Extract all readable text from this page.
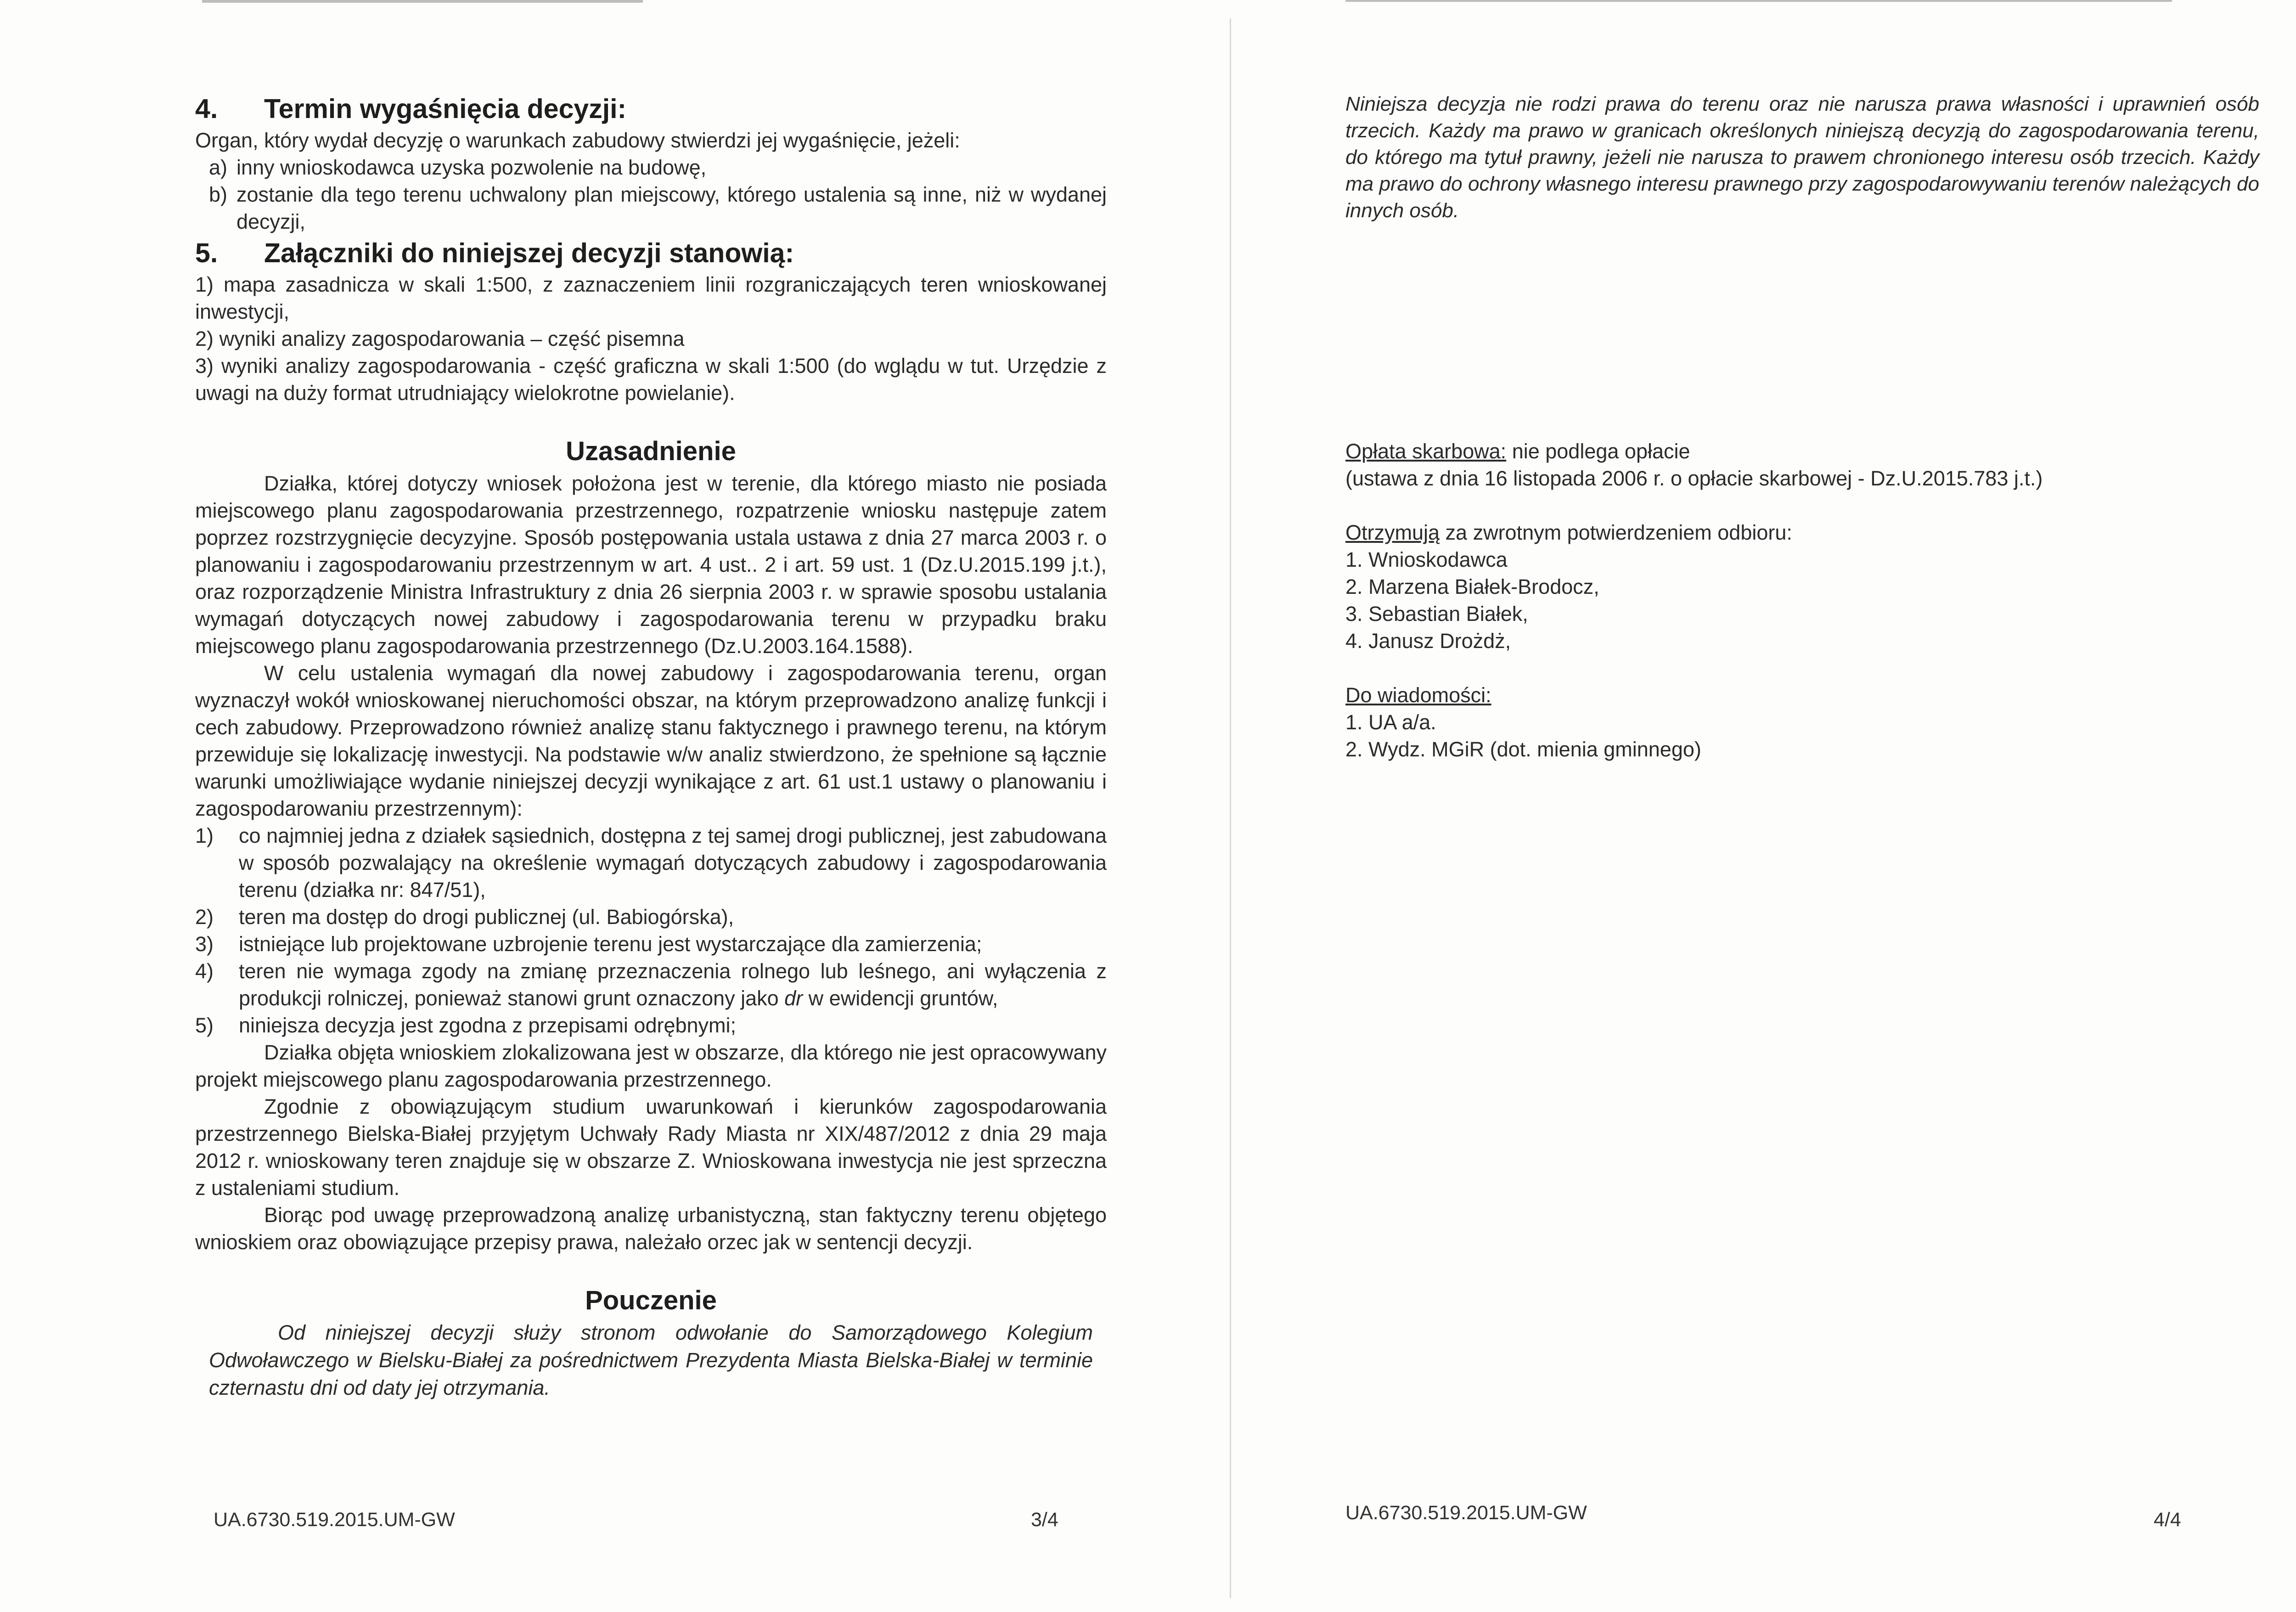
4. Termin wygaśnięcia decyzji:

Organ, który wydał decyzję o warunkach zabudowy stwierdzi jej wygaśnięcie, jeżeli:

a) inny wnioskodawca uzyska pozwolenie na budowę,
b) zostanie dla tego terenu uchwalony plan miejscowy, którego ustalenia są inne, niż w wydanej decyzji,
5. Załączniki do niniejszej decyzji stanowią:

1) mapa zasadnicza w skali 1:500, z zaznaczeniem linii rozgraniczających teren wnioskowanej inwestycji,

2) wyniki analizy zagospodarowania – część pisemna

3) wyniki analizy zagospodarowania - część graficzna w skali 1:500 (do wglądu w tut. Urzędzie z uwagi na duży format utrudniający wielokrotne powielanie).

Uzasadnienie

Działka, której dotyczy wniosek położona jest w terenie, dla którego miasto nie posiada miejscowego planu zagospodarowania przestrzennego, rozpatrzenie wniosku następuje zatem poprzez rozstrzygnięcie decyzyjne. Sposób postępowania ustala ustawa z dnia 27 marca 2003 r. o planowaniu i zagospodarowaniu przestrzennym w art. 4 ust.. 2 i art. 59 ust. 1 (Dz.U.2015.199 j.t.), oraz rozporządzenie Ministra Infrastruktury z dnia 26 sierpnia 2003 r. w sprawie sposobu ustalania wymagań dotyczących nowej zabudowy i zagospodarowania terenu w przypadku braku miejscowego planu zagospodarowania przestrzennego (Dz.U.2003.164.1588).

W celu ustalenia wymagań dla nowej zabudowy i zagospodarowania terenu, organ wyznaczył wokół wnioskowanej nieruchomości obszar, na którym przeprowadzono analizę funkcji i cech zabudowy. Przeprowadzono również analizę stanu faktycznego i prawnego terenu, na którym przewiduje się lokalizację inwestycji. Na podstawie w/w analiz stwierdzono, że spełnione są łącznie warunki umożliwiające wydanie niniejszej decyzji wynikające z art. 61 ust.1 ustawy o planowaniu i zagospodarowaniu przestrzennym):

1)	co najmniej jedna z działek sąsiednich, dostępna z tej samej drogi publicznej, jest zabudowana w sposób pozwalający na określenie wymagań dotyczących zabudowy i zagospodarowania terenu (działka nr: 847/51),
2)	teren ma dostęp do drogi publicznej (ul. Babiogórska),
3)	istniejące lub projektowane uzbrojenie terenu jest wystarczające dla zamierzenia;
4)	teren nie wymaga zgody na zmianę przeznaczenia rolnego lub leśnego, ani wyłączenia z produkcji rolniczej, ponieważ stanowi grunt oznaczony jako dr w ewidencji gruntów,
5)	niniejsza decyzja jest zgodna z przepisami odrębnymi;

Działka objęta wnioskiem zlokalizowana jest w obszarze, dla którego nie jest opracowywany projekt miejscowego planu zagospodarowania przestrzennego.

Zgodnie z obowiązującym studium uwarunkowań i kierunków zagospodarowania przestrzennego Bielska-Białej przyjętym Uchwały Rady Miasta nr XIX/487/2012 z dnia 29 maja 2012 r. wnioskowany teren znajduje się w obszarze Z. Wnioskowana inwestycja nie jest sprzeczna z ustaleniami studium.

Biorąc pod uwagę przeprowadzoną analizę urbanistyczną, stan faktyczny terenu objętego wnioskiem oraz obowiązujące przepisy prawa, należało orzec jak w sentencji decyzji.

Pouczenie

Od niniejszej decyzji służy stronom odwołanie do Samorządowego Kolegium Odwoławczego w Bielsku-Białej za pośrednictwem Prezydenta Miasta Bielska-Białej w terminie czternastu dni od daty jej otrzymania.

UA.6730.519.2015.UM-GW	3/4

Niniejsza decyzja nie rodzi prawa do terenu oraz nie narusza prawa własności i uprawnień osób trzecich. Każdy ma prawo w granicach określonych niniejszą decyzją do zagospodarowania terenu, do którego ma tytuł prawny, jeżeli nie narusza to prawem chronionego interesu osób trzecich. Każdy ma prawo do ochrony własnego interesu prawnego przy zagospodarowywaniu terenów należących do innych osób.

Opłata skarbowa: nie podlega opłacie

(ustawa z dnia 16 listopada 2006 r. o opłacie skarbowej - Dz.U.2015.783 j.t.)

Otrzymują za zwrotnym potwierdzeniem odbioru:

1. Wnioskodawca

2. Marzena Białek-Brodocz,

3. Sebastian Białek,

4. Janusz Drożdż,

Do wiadomości:

1. UA a/a.

2. Wydz. MGiR (dot. mienia gminnego)

UA.6730.519.2015.UM-GW	4/4
